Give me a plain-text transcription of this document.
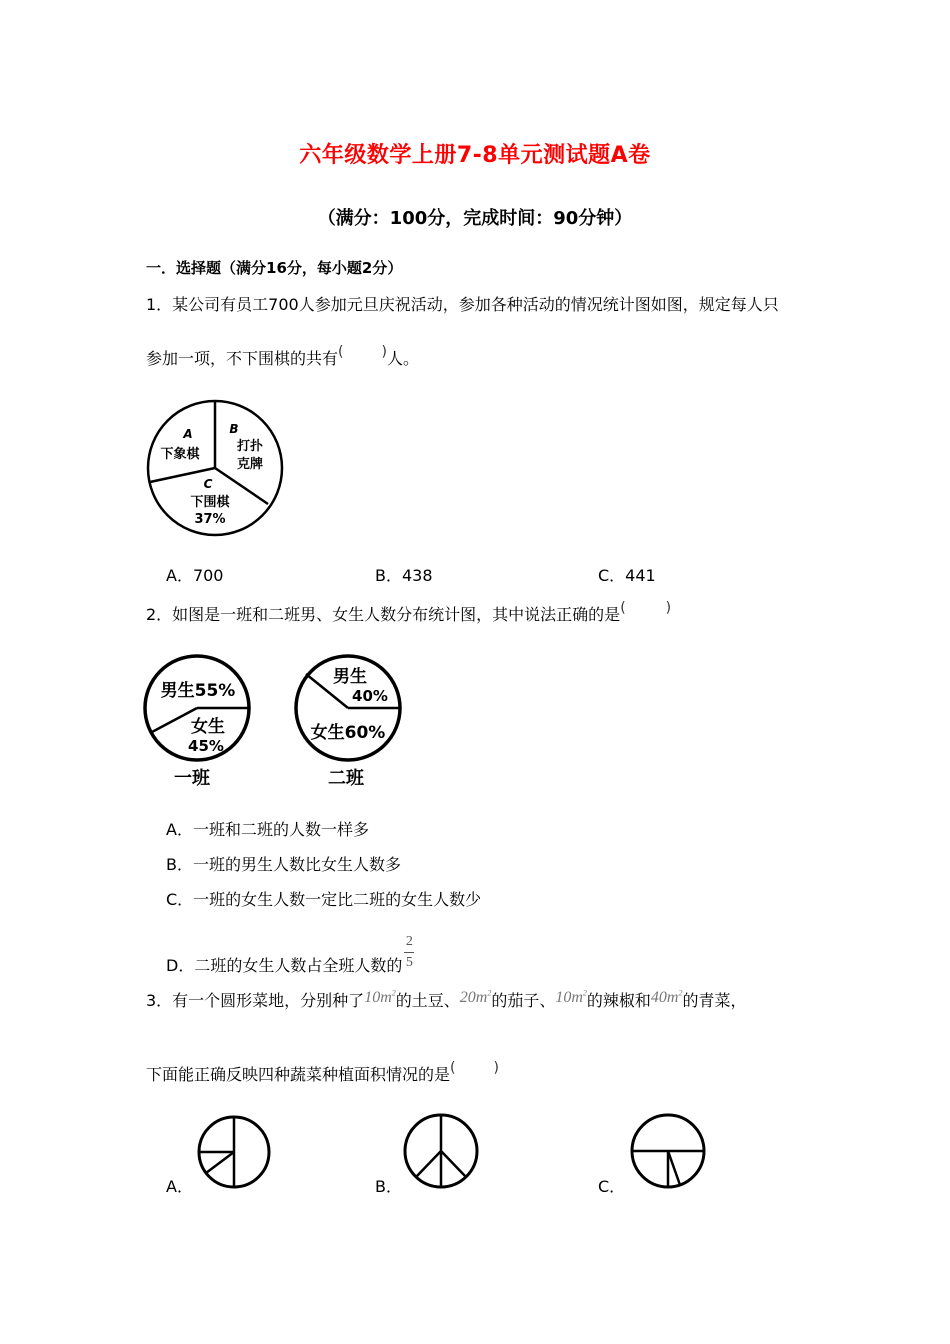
六年级数学上册7-8单元测试题A卷
（满分：100分，完成时间：90分钟）
一．选择题（满分16分，每小题2分）
1．某公司有员工700人参加元旦庆祝活动，参加各种活动的情况统计图如图，规定每人只
参加一项，不下围棋的共有(	)人。
A
下象棋
B
打扑
克牌
C
下围棋
37%
A．700	B．438	C．441
2．如图是一班和二班男、女生人数分布统计图，其中说法正确的是(	)
男生55%
女生
45%
一班
男生
40%
女生60%
二班
A．一班和二班的人数一样多
B．一班的男生人数比女生人数多
C．一班的女生人数一定比二班的女生人数少
D．二班的女生人数占全班人数的 $\frac{2}{5}$
3．有一个圆形菜地，分别种了$10m^2$的土豆、$20m^2$的茄子、$10m^2$的辣椒和$40m^2$的青菜，
下面能正确反映四种蔬菜种植面积情况的是(	)
A．	B．	C．
